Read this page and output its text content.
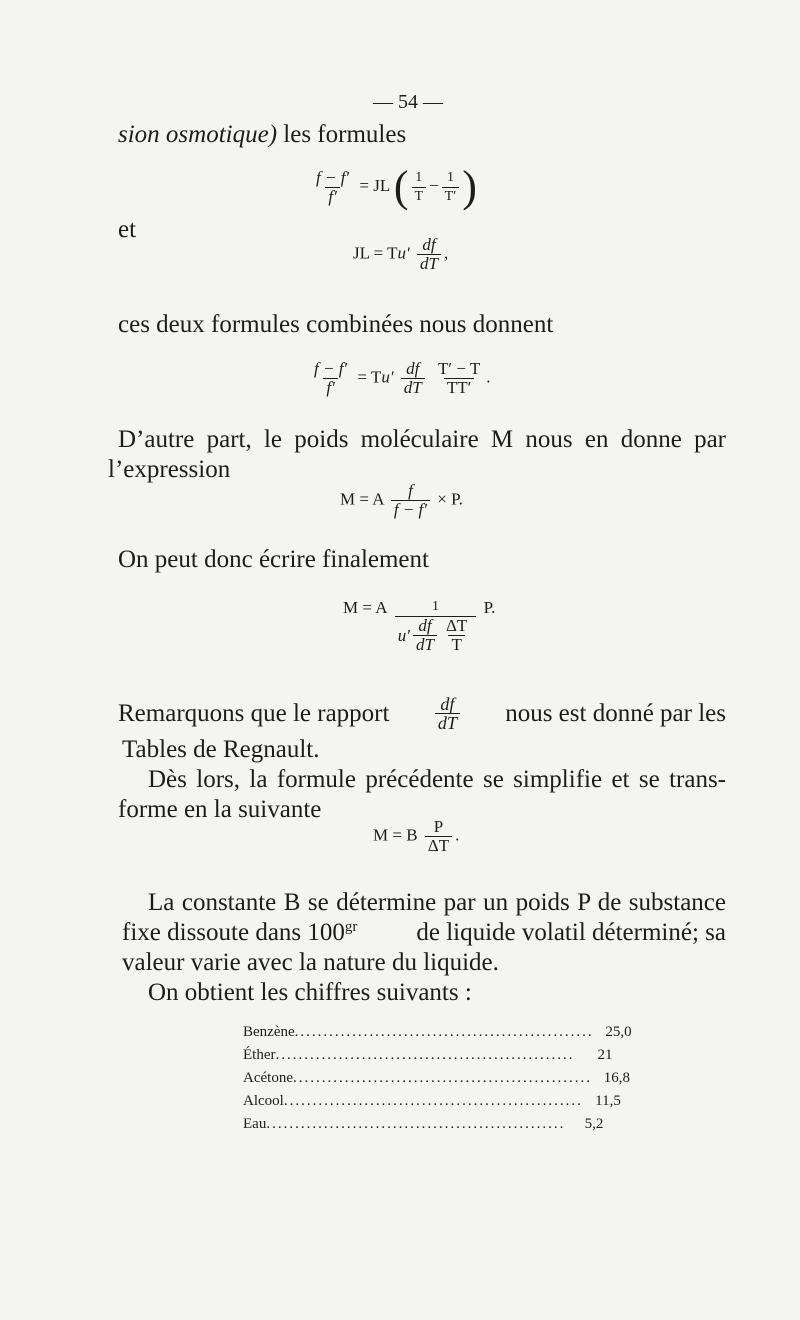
— 54 —
sion osmotique) les formules
$\frac{f - f'}{f'}$ = JL ( $\frac{1}{T} - \frac{1}{T'}$ )
et
JL = $Tu' \frac{df}{dT}$ ,
ces deux formules combinées nous donnent
$\frac{f - f'}{f'} = Tu' \frac{df}{dT}$
$\frac{T' - T}{TT'}$ .
D’autre part, le poids moléculaire M nous en donne par
l’expression
M = A $\frac{f}{f - f'} \times P$.
On peut donc écrire finalement
M = A $\frac{1}{u' \frac{df}{dT} \frac{\Delta T}{T}} P$.
Remarquons que le rapport	$\frac{df}{dT}$ nous est donné par les
Tables de Regnault.
Dès lors, la formule précédente se simplifie et se trans-
forme en la suivante
M = B $\frac{P}{\Delta T}$ .
La constante B se détermine par un poids P de substance
fixe dissoute dans $100^{gr}$ de liquide volatil déterminé; sa
valeur varie avec la nature du liquide.
On obtient les chiffres suivants :
Benzène .................................................... 25,0
Éther ....................................................	21
Acétone .................................................... 16,8
Alcool .................................................... 11,5
Eau ....................................................	5,2
